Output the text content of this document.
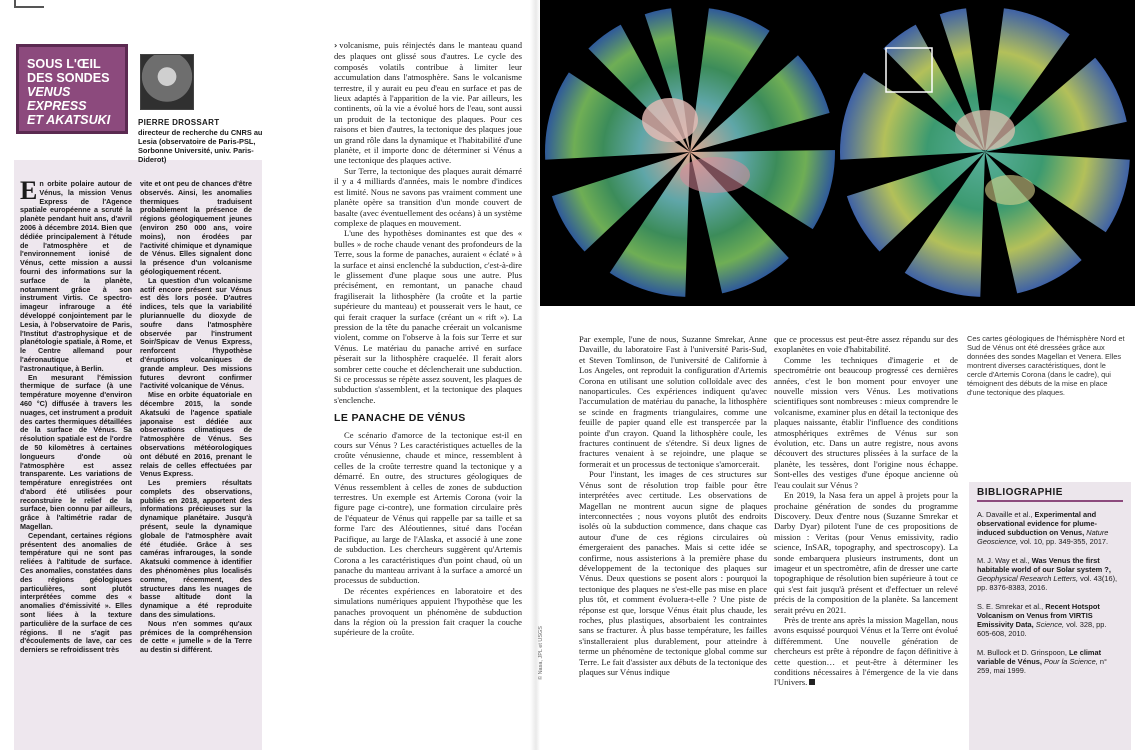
SOUS L'ŒIL
DES SONDES
VENUS EXPRESS
ET AKATSUKI	PIERRE DROSSART
directeur de recherche du CNRS au Lesia (observatoire de Paris-PSL, Sorbonne Université, univ. Paris-Diderot)

En orbite polaire autour de Vénus, la mission Venus Express de l'Agence spatiale européenne a scruté la planète pendant huit ans, d'avril 2006 à décembre 2014. Bien que dédiée principalement à l'étude de l'atmosphère et de l'environnement ionisé de Vénus, cette mission a aussi fourni des informations sur la surface de la planète, notamment grâce à son instrument Virtis. Ce spectro-imageur infrarouge a été développé conjointement par le Lesia, à l'observatoire de Paris, l'Institut d'astrophysique et de planétologie spatiale, à Rome, et le Centre allemand pour l'aéronautique et l'astronautique, à Berlin.

En mesurant l'émission thermique de surface (à une température moyenne d'environ 460 °C) diffusée à travers les nuages, cet instrument a produit des cartes thermiques détaillées de la surface de Vénus. Sa résolution spatiale est de l'ordre de 50 kilomètres à certaines longueurs d'onde où l'atmosphère est assez transparente. Les variations de température enregistrées ont d'abord été utilisées pour reconstruire le relief de la surface, bien connu par ailleurs, grâce à l'altimétrie radar de Magellan.

Cependant, certaines régions présentent des anomalies de température qui ne sont pas reliées à l'altitude de surface. Ces anomalies, constatées dans des régions géologiques particulières, sont plutôt interprétées comme des « anomalies d'émissivité ». Elles sont liées à la texture particulière de la surface de ces régions. Il ne s'agit pas d'écoulements de lave, car ces derniers se refroidissent très

vite et ont peu de chances d'être observés. Ainsi, les anomalies thermiques traduisent probablement la présence de régions géologiquement jeunes (environ 250 000 ans, voire moins), non érodées par l'activité chimique et dynamique de Vénus. Elles signalent donc la présence d'un volcanisme géologiquement récent.

La question d'un volcanisme actif encore présent sur Vénus est dès lors posée. D'autres indices, tels que la variabilité pluriannuelle du dioxyde de soufre dans l'atmosphère observée par l'instrument Soir/Spicav de Venus Express, renforcent l'hypothèse d'éruptions volcaniques de grande ampleur. Des missions futures devront confirmer l'activité volcanique de Vénus.

Mise en orbite équatoriale en décembre 2015, la sonde Akatsuki de l'agence spatiale japonaise est dédiée aux observations climatiques de l'atmosphère de Vénus. Ses observations météorologiques ont débuté en 2016, prenant le relais de celles effectuées par Venus Express.

Les premiers résultats complets des observations, publiés en 2018, apportent des informations précieuses sur la dynamique planétaire. Jusqu'à présent, seule la dynamique globale de l'atmosphère avait été étudiée. Grâce à ses caméras infrarouges, la sonde Akatsuki commence à identifier des phénomènes plus localisés comme, récemment, des structures dans les nuages de basse altitude dont la dynamique a été reproduite dans des simulations.

Nous n'en sommes qu'aux prémices de la compréhension de cette « jumelle » de la Terre au destin si différent.

› volcanisme, puis réinjectés dans le manteau quand des plaques ont glissé sous d'autres. Le cycle des composés volatils contribue à limiter leur accumulation dans l'atmosphère. Sans le volcanisme terrestre, il y aurait eu peu d'eau en surface et pas de lieux adaptés à l'apparition de la vie. Par ailleurs, les continents, où la vie a évolué hors de l'eau, sont aussi un produit de la tectonique des plaques. Pour ces raisons et bien d'autres, la tectonique des plaques joue un grand rôle dans la dynamique et l'habitabilité d'une planète, et il importe donc de déterminer si Vénus a une tectonique des plaques active.

Sur Terre, la tectonique des plaques aurait démarré il y a 4 milliards d'années, mais le nombre d'indices est limité. Nous ne savons pas vraiment comment une planète opère sa transition d'un monde couvert de basalte (avec éventuellement des océans) à un système complexe de plaques en mouvement.

L'une des hypothèses dominantes est que des « bulles » de roche chaude venant des profondeurs de la Terre, sous la forme de panaches, auraient « éclaté » à la surface et ainsi enclenché la subduction, c'est-à-dire le glissement d'une plaque sous une autre. Plus précisément, en remontant, un panache chaud fragiliserait la lithosphère (la croûte et la partie supérieure du manteau) et pousserait vers le haut, ce qui ferait craquer la surface (créant un « rift »). La pression de la tête du panache créerait un volcanisme violent, comme on l'observe à la fois sur Terre et sur Vénus. Le matériau du panache arrivé en surface pèserait sur la lithosphère craquelée. Il ferait alors sombrer cette couche et déclencherait une subduction. Si ce processus se répète assez souvent, les plaques de subduction s'assemblent, et la tectonique des plaques s'enclenche.

LE PANACHE DE VÉNUS

Ce scénario d'amorce de la tectonique est-il en cours sur Vénus ? Les caractéristiques actuelles de la croûte vénusienne, chaude et mince, ressemblent à celles de la croûte terrestre quand la tectonique y a démarré. En outre, des structures géologiques de Vénus ressemblent à celles de zones de subduction terrestres. Un exemple est Artemis Corona (voir la figure page ci-contre), une formation circulaire près de l'équateur de Vénus qui rappelle par sa taille et sa forme l'arc des Aléoutiennes, situé dans l'océan Pacifique, au large de l'Alaska, et associé à une zone de subduction. Les chercheurs suggèrent qu'Artemis Corona a les caractéristiques d'un point chaud, où un panache du manteau arrivant à la surface a amorcé un processus de subduction.

De récentes expériences en laboratoire et des simulations numériques appuient l'hypothèse que les panaches provoquent un phénomène de subduction dans la région où la pression fait craquer la couche supérieure de la croûte.	© Nasa, JPL et USGS

Par exemple, l'une de nous, Suzanne Smrekar, Anne Davaille, du laboratoire Fast à l'université Paris-Sud, et Steven Tomlinson, de l'université de Californie à Los Angeles, ont reproduit la configuration d'Artemis Corona en utilisant une solution colloïdale avec des nanoparticules. Ces expériences indiquent qu'avec l'accumulation de matériau du panache, la lithosphère se scinde en fragments triangulaires, comme une feuille de papier quand elle est transpercée par la pointe d'un crayon. Quand la lithosphère coule, les fractures continuent de s'étendre. Si deux lignes de fractures venaient à se rejoindre, une plaque se formerait et un processus de tectonique s'amorcerait.

Pour l'instant, les images de ces structures sur Vénus sont de résolution trop faible pour être interprétées avec certitude. Les observations de Magellan ne montrent aucun signe de plaques interconnectées ; nous voyons plutôt des endroits isolés où la subduction commence, dans chaque cas autour d'une de ces régions circulaires où émergeraient des panaches. Mais si cette idée se confirme, nous assisterions à la première phase du développement de la tectonique des plaques sur Vénus. Deux questions se posent alors : pourquoi la tectonique des plaques ne s'est-elle pas mise en place plus tôt, et comment évoluera-t-elle ? Une piste de réponse est que, lorsque Vénus était plus chaude, les roches, plus plastiques, absorbaient les contraintes sans se fracturer. À plus basse température, les failles s'installeraient plus durablement, pour atteindre à terme un phénomène de tectonique global comme sur Terre. Le fait d'assister aux débuts de la tectonique des plaques sur Vénus indique

que ce processus est peut-être assez répandu sur des exoplanètes en voie d'habitabilité.

Comme les techniques d'imagerie et de spectrométrie ont beaucoup progressé ces dernières années, c'est le bon moment pour envoyer une nouvelle mission vers Vénus. Les motivations scientifiques sont nombreuses : mieux comprendre le volcanisme, examiner plus en détail la tectonique des plaques naissante, établir l'influence des conditions atmosphériques extrêmes de Vénus sur son évolution, etc. Dans un autre registre, nous avons découvert des structures plissées à la surface de la planète, les tessères, dont l'origine nous échappe. Sont-elles des vestiges d'une époque ancienne où l'eau coulait sur Vénus ?

En 2019, la Nasa fera un appel à projets pour la prochaine génération de sondes du programme Discovery. Deux d'entre nous (Suzanne Smrekar et Darby Dyar) pilotent l'une de ces propositions de mission : Veritas (pour Venus emissivity, radio science, InSAR, topography, and spectroscopy). La sonde embarquera plusieurs instruments, dont un imageur et un spectromètre, afin de dresser une carte topographique de résolution bien supérieure à tout ce qui s'est fait jusqu'à présent et d'effectuer un relevé précis de la composition de la planète. Sa lancement serait prévu en 2021.

Près de trente ans après la mission Magellan, nous avons esquissé pourquoi Vénus et la Terre ont évolué différemment. Une nouvelle génération de chercheurs est prête à répondre de façon définitive à cette question… et peut-être à déterminer les conditions nécessaires à l'émergence de la vie dans l'Univers.

Ces cartes géologiques de l'hémisphère Nord et Sud de Vénus ont été dressées grâce aux données des sondes Magellan et Venera. Elles montrent diverses caractéristiques, dont le cercle d'Artemis Corona (dans le cadre), qui témoignent des débuts de la mise en place d'une tectonique des plaques.
BIBLIOGRAPHIE
A. Davaille et al., Experimental and observational evidence for plume-induced subduction on Venus, Nature Geoscience, vol. 10, pp. 349-355, 2017.
M. J. Way et al., Was Venus the first habitable world of our Solar system ?, Geophysical Research Letters, vol. 43(16), pp. 8376-8383, 2016.
S. E. Smrekar et al., Recent Hotspot Volcanism on Venus from VIRTIS Emissivity Data, Science, vol. 328, pp. 605-608, 2010.
M. Bullock et D. Grinspoon, Le climat variable de Vénus, Pour la Science, n° 259, mai 1999.
